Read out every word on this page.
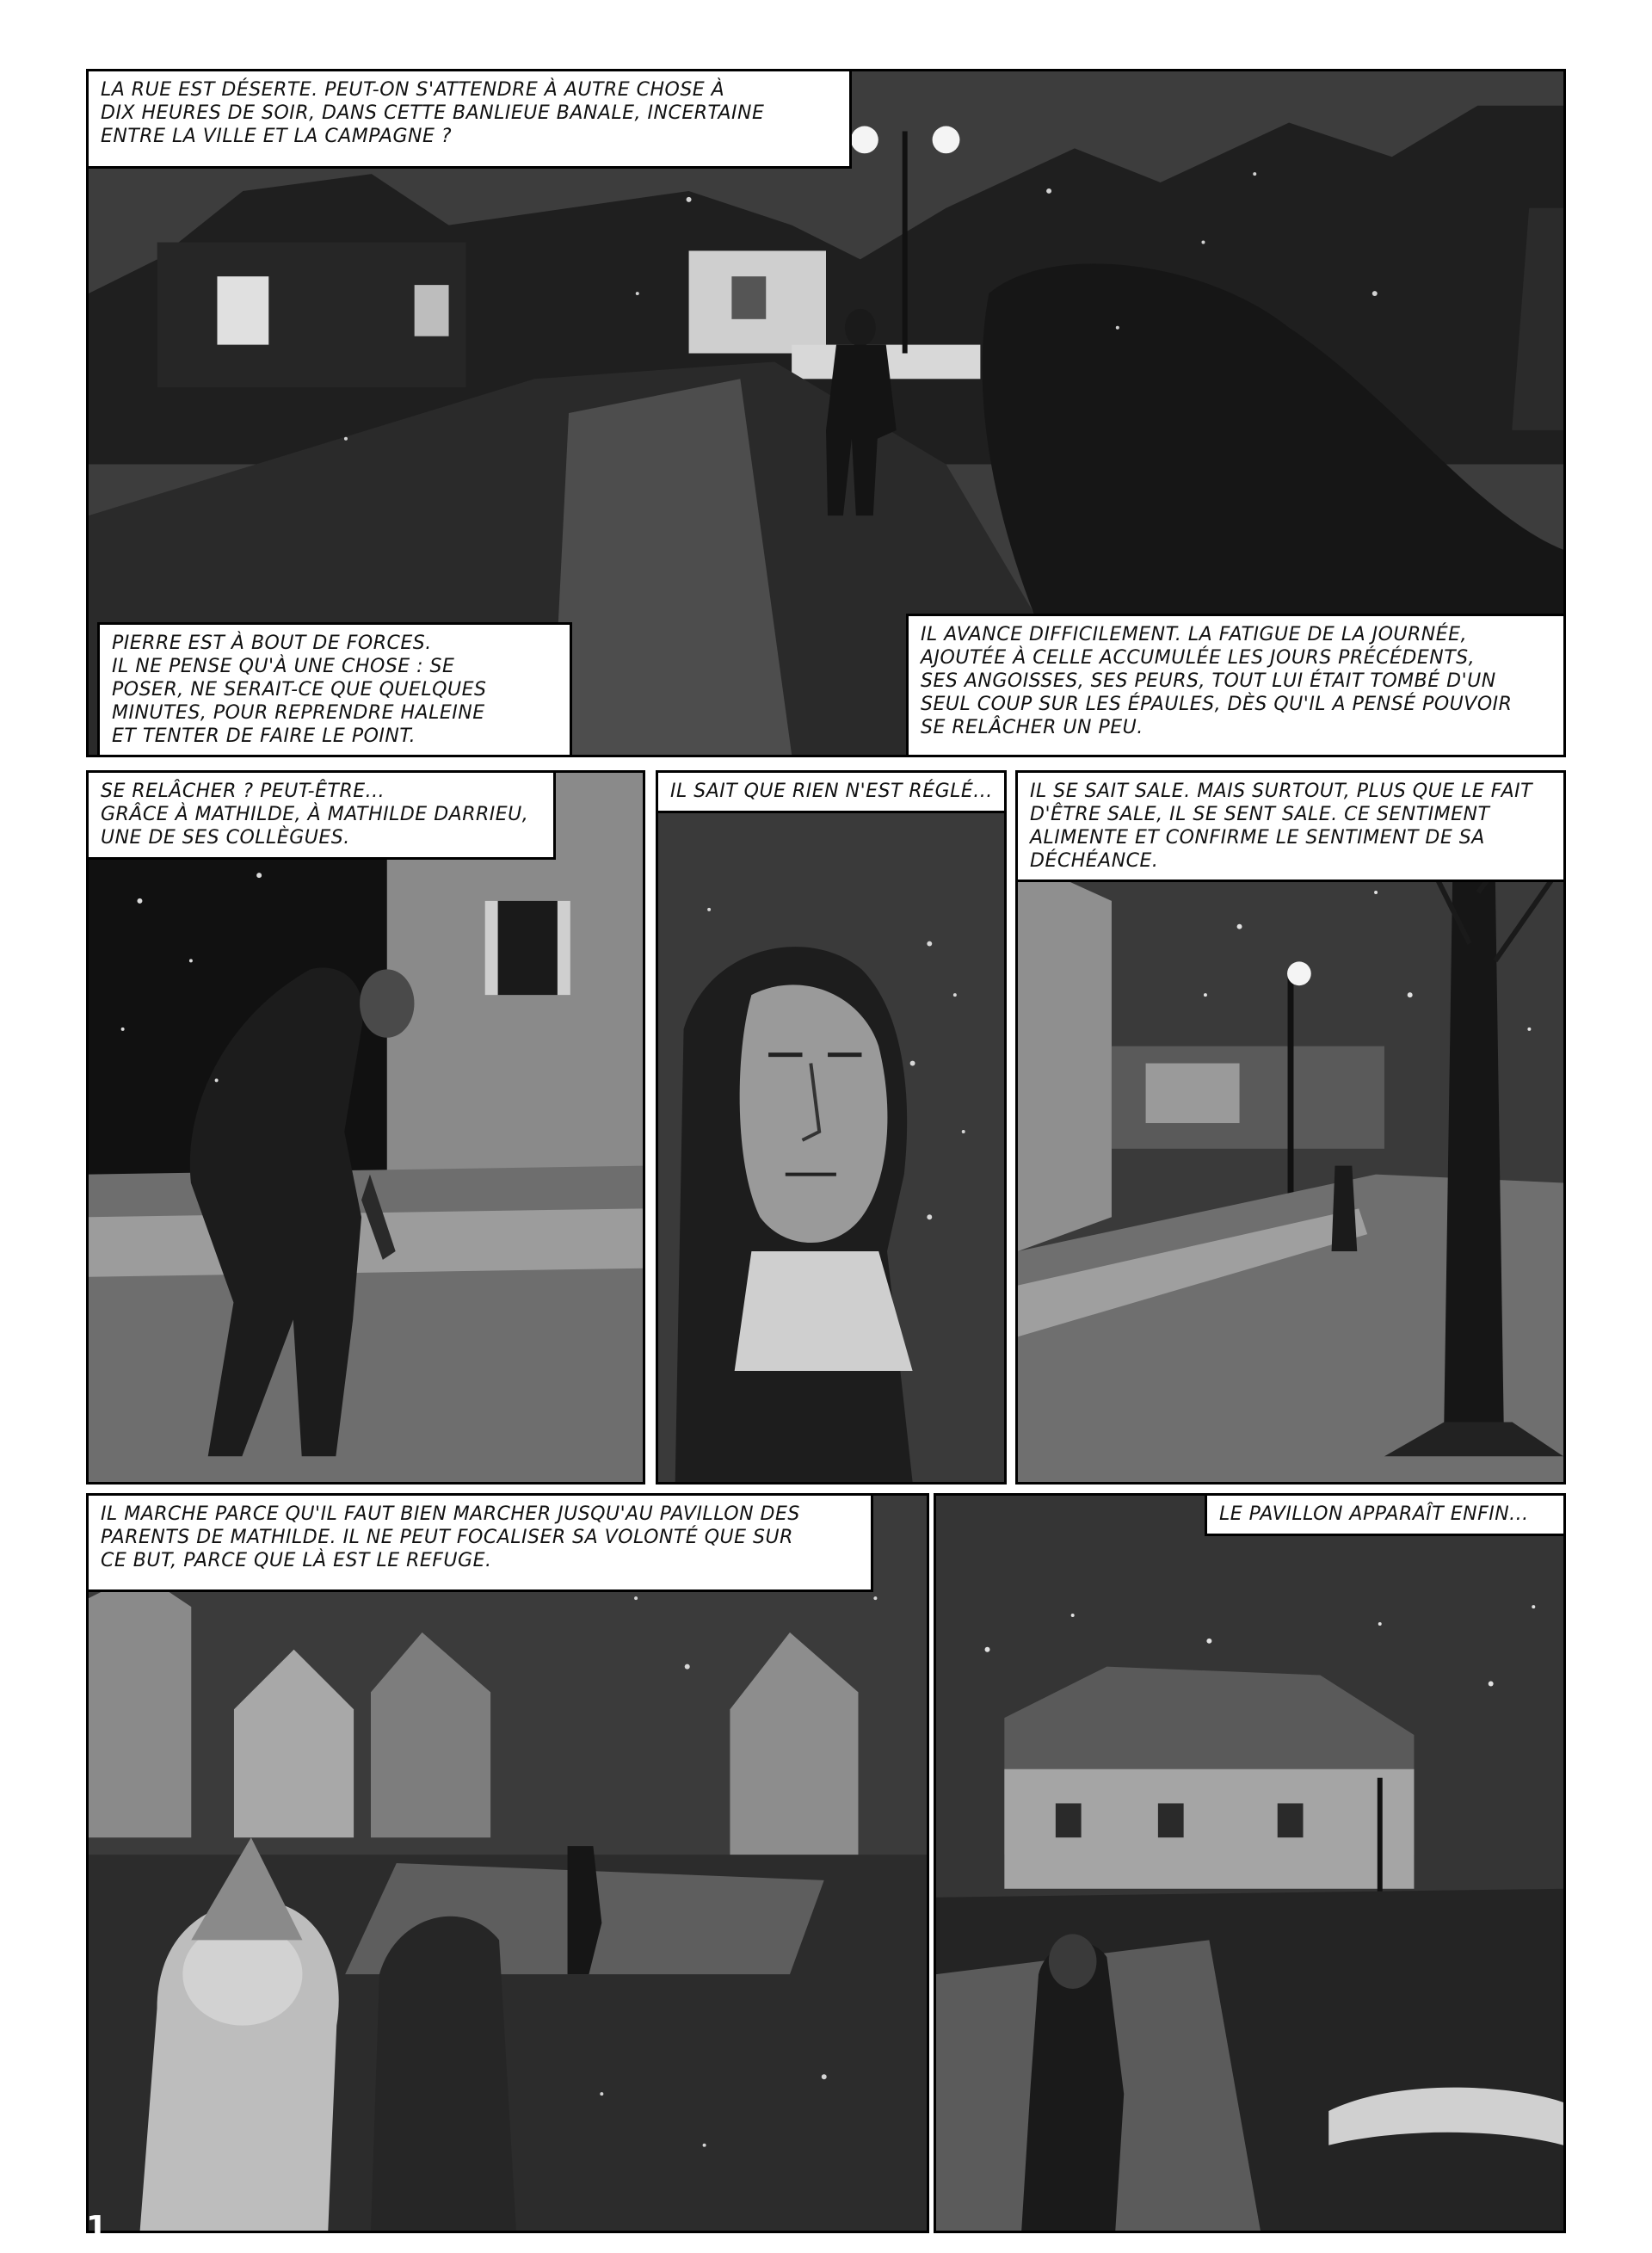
LA RUE EST DÉSERTE. PEUT-ON S'ATTENDRE À AUTRE CHOSE À
DIX HEURES DE SOIR, DANS CETTE BANLIEUE BANALE, INCERTAINE
ENTRE LA VILLE ET LA CAMPAGNE ?
PIERRE EST À BOUT DE FORCES.
IL NE PENSE QU'À UNE CHOSE : SE
POSER, NE SERAIT-CE QUE QUELQUES
MINUTES, POUR REPRENDRE HALEINE
ET TENTER DE FAIRE LE POINT.
IL AVANCE DIFFICILEMENT. LA FATIGUE DE LA JOURNÉE,
AJOUTÉE À CELLE ACCUMULÉE LES JOURS PRÉCÉDENTS,
SES ANGOISSES, SES PEURS, TOUT LUI ÉTAIT TOMBÉ D'UN
SEUL COUP SUR LES ÉPAULES, DÈS QU'IL A PENSÉ POUVOIR
SE RELÂCHER UN PEU.
SE RELÂCHER ? PEUT-ÊTRE...
GRÂCE À MATHILDE, À MATHILDE DARRIEU,
UNE DE SES COLLÈGUES.
IL SAIT QUE RIEN N'EST RÉGLÉ... IL SE SAIT SALE. MAIS SURTOUT, PLUS QUE LE FAIT
D'ÊTRE SALE, IL SE SENT SALE. CE SENTIMENT
ALIMENTE ET CONFIRME LE SENTIMENT DE SA
DÉCHÉANCE.
IL MARCHE PARCE QU'IL FAUT BIEN MARCHER JUSQU'AU PAVILLON DES
PARENTS DE MATHILDE. IL NE PEUT FOCALISER SA VOLONTÉ QUE SUR
CE BUT, PARCE QUE LÀ EST LE REFUGE.
LE PAVILLON APPARAÎT ENFIN...
1
